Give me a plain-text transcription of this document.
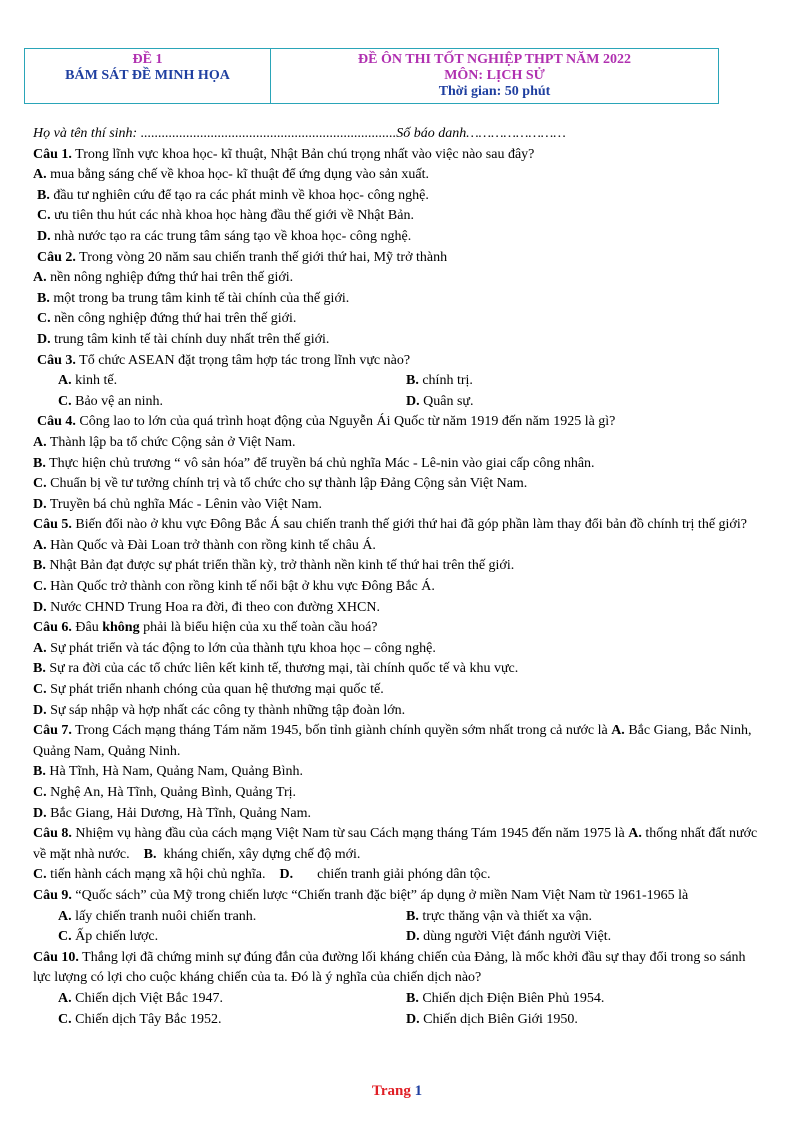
ĐỀ 1
BÁM SÁT ĐỀ MINH HỌA
ĐỀ ÔN THI TỐT NGHIỆP THPT NĂM 2022
MÔN: LỊCH SỬ
Thời gian: 50 phút
Họ và tên thí sinh: .........................................................................Số báo danh……………………
Câu 1. Trong lĩnh vực khoa học- kĩ thuật, Nhật Bản chú trọng nhất vào việc nào sau đây?
A. mua bằng sáng chế về khoa học- kĩ thuật để ứng dụng vào sản xuất.
B. đầu tư nghiên cứu để tạo ra các phát minh về khoa học- công nghệ.
C. ưu tiên thu hút các nhà khoa học hàng đầu thế giới về Nhật Bản.
D. nhà nước tạo ra các trung tâm sáng tạo về khoa học- công nghệ.
Câu 2. Trong vòng 20 năm sau chiến tranh thế giới thứ hai, Mỹ trở thành
A. nền nông nghiệp đứng thứ hai trên thế giới.
B. một trong ba trung tâm kinh tế tài chính của thế giới.
C. nền công nghiệp đứng thứ hai trên thế giới.
D. trung tâm kinh tế tài chính duy nhất trên thế giới.
Câu 3. Tổ chức ASEAN đặt trọng tâm hợp tác trong lĩnh vực nào?
A. kinh tế.	B. chính trị.
C. Bảo vệ an ninh.	D. Quân sự.
Câu 4. Công lao to lớn của quá trình hoạt động của Nguyễn Ái Quốc từ năm 1919 đến năm 1925 là gì?
A. Thành lập ba tổ chức Cộng sản ở Việt Nam.
B. Thực hiện chủ trương “ vô sản hóa” để truyền bá chủ nghĩa Mác - Lê-nin vào giai cấp công nhân.
C. Chuẩn bị về tư tưởng chính trị và tổ chức cho sự thành lập Đảng Cộng sản Việt Nam.
D. Truyền bá chủ nghĩa Mác - Lênin vào Việt Nam.
Câu 5. Biến đổi nào ở khu vực Đông Bắc Á sau chiến tranh thế giới thứ hai đã góp phần làm thay đổi bản đồ chính trị thế giới?
A. Hàn Quốc và Đài Loan trở thành con rồng kinh tế châu Á.
B. Nhật Bản đạt được sự phát triển thần kỳ, trở thành nền kinh tế thứ hai trên thế giới.
C. Hàn Quốc trở thành con rồng kinh tế nổi bật ở khu vực Đông Bắc Á.
D. Nước CHND Trung Hoa ra đời, đi theo con đường XHCN.
Câu 6. Đâu không phải là biểu hiện của xu thế toàn cầu hoá?
A. Sự phát triển và tác động to lớn của thành tựu khoa học – công nghệ.
B. Sự ra đời của các tổ chức liên kết kinh tế, thương mại, tài chính quốc tế và khu vực.
C. Sự phát triển nhanh chóng của quan hệ thương mại quốc tế.
D. Sự sáp nhập và hợp nhất các công ty thành những tập đoàn lớn.
Câu 7. Trong Cách mạng tháng Tám năm 1945, bốn tỉnh giành chính quyền sớm nhất trong cả nước là A. Bắc Giang, Bắc Ninh, Quảng Nam, Quảng Ninh.
B. Hà Tĩnh, Hà Nam, Quảng Nam, Quảng Bình.
C. Nghệ An, Hà Tĩnh, Quảng Bình, Quảng Trị.
D. Bắc Giang, Hải Dương, Hà Tĩnh, Quảng Nam.
Câu 8. Nhiệm vụ hàng đầu của cách mạng Việt Nam từ sau Cách mạng tháng Tám 1945 đến năm 1975 là A. thống nhất đất nước về mặt nhà nước. B.  kháng chiến, xây dựng chế độ mới.
C. tiến hành cách mạng xã hội chủ nghĩa. D. chiến tranh giải phóng dân tộc.
Câu 9. “Quốc sách” của Mỹ trong chiến lược “Chiến tranh đặc biệt” áp dụng ở miền Nam Việt Nam từ 1961-1965 là
A. lấy chiến tranh nuôi chiến tranh.	B. trực thăng vận và thiết xa vận.
C. Ấp chiến lược.	D. dùng người Việt đánh người Việt.
Câu 10. Thắng lợi đã chứng minh sự đúng đắn của đường lối kháng chiến của Đảng, là mốc khởi đầu sự thay đổi trong so sánh lực lượng có lợi cho cuộc kháng chiến của ta. Đó là ý nghĩa của chiến dịch nào?
A. Chiến dịch Việt Bắc 1947.	B. Chiến dịch Điện Biên Phủ 1954.
C. Chiến dịch Tây Bắc 1952.	D. Chiến dịch Biên Giới 1950.
Trang 1
